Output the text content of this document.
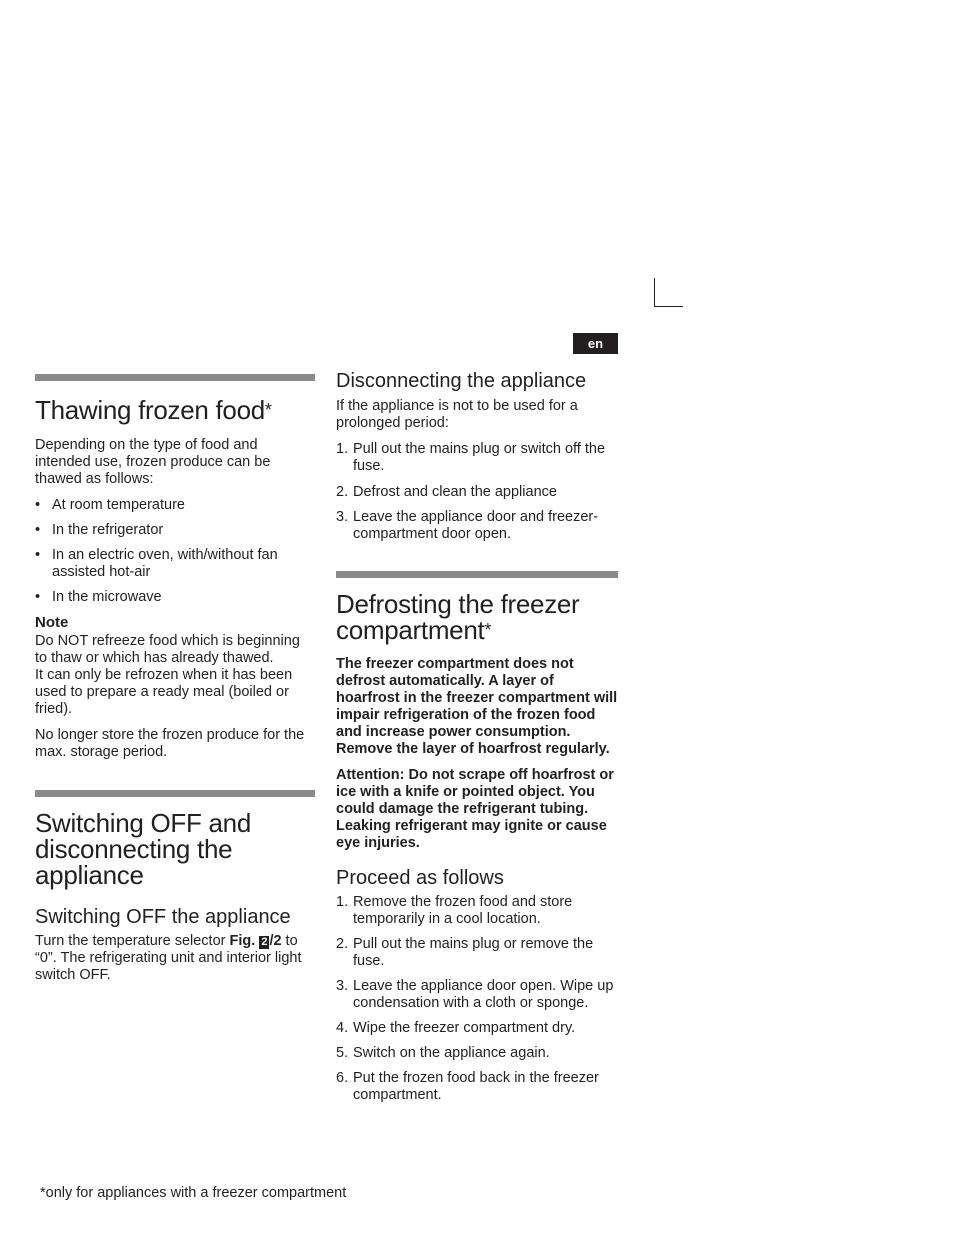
en
Thawing frozen food*

Depending on the type of food and intended use, frozen produce can be thawed as follows:

• At room temperature
• In the refrigerator
• In an electric oven, with/without fan assisted hot-air
• In the microwave
Note

Do NOT refreeze food which is beginning to thaw or which has already thawed.

It can only be refrozen when it has been used to prepare a ready meal (boiled or fried).

No longer store the frozen produce for the max. storage period.

Switching OFF and disconnecting the appliance
Switching OFF the appliance

Turn the temperature selector Fig. 2 /2 to “0”. The refrigerating unit and interior light switch OFF.

Disconnecting the appliance

If the appliance is not to be used for a prolonged period:

1. Pull out the mains plug or switch off the fuse.
2. Defrost and clean the appliance
3. Leave the appliance door and freezer-compartment door open.
Defrosting the freezer compartment*

The freezer compartment does not defrost automatically. A layer of hoarfrost in the freezer compartment will impair refrigeration of the frozen food and increase power consumption. Remove the layer of hoarfrost regularly.

Attention: Do not scrape off hoarfrost or ice with a knife or pointed object. You could damage the refrigerant tubing. Leaking refrigerant may ignite or cause eye injuries.

Proceed as follows
1. Remove the frozen food and store temporarily in a cool location.
2. Pull out the mains plug or remove the fuse.
3. Leave the appliance door open. Wipe up condensation with a cloth or sponge.
4. Wipe the freezer compartment dry.
5. Switch on the appliance again.
6. Put the frozen food back in the freezer compartment.
*only for appliances with a freezer compartment
